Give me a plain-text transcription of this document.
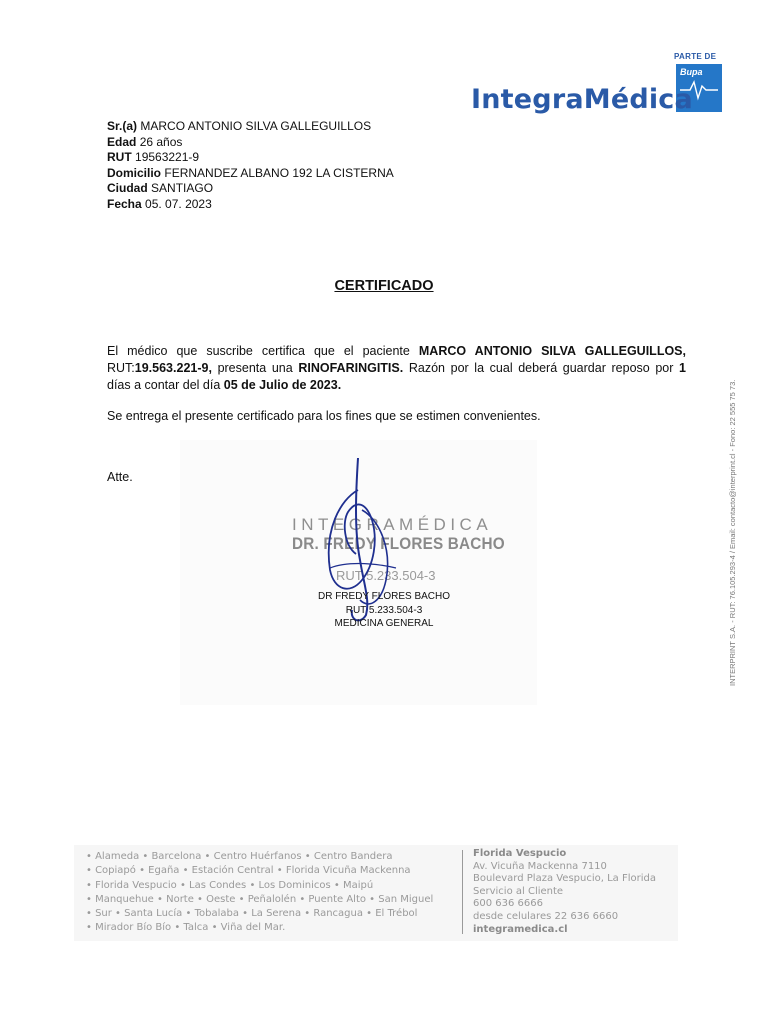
PARTE DE
Bupa
IntegraMédica
Sr.(a) MARCO ANTONIO SILVA GALLEGUILLOS
Edad 26 años
RUT 19563221-9
Domicilio FERNANDEZ ALBANO 192 LA CISTERNA
Ciudad SANTIAGO
Fecha 05. 07. 2023
CERTIFICADO
El médico que suscribe certifica que el paciente MARCO ANTONIO SILVA GALLEGUILLOS, RUT:19.563.221-9, presenta una RINOFARINGITIS. Razón por la cual deberá guardar reposo por 1 días a contar del día 05 de Julio de 2023.
Se entrega el presente certificado para los fines que se estimen convenientes.
Atte.
INTEGRAMÉDICA
DR. FREDY FLORES BACHO
RUT 5.233.504-3
DR FREDY FLORES BACHO
RUT 5.233.504-3
MEDICINA GENERAL	INTERPRINT S.A. - RUT: 76.105.293-4 / Email: contacto@interprint.cl - Fono: 22 555 75 73.
• Alameda • Barcelona • Centro Huérfanos • Centro Bandera
• Copiapó • Egaña • Estación Central • Florida Vicuña Mackenna
• Florida Vespucio • Las Condes • Los Dominicos • Maipú
• Manquehue • Norte • Oeste • Peñalolén • Puente Alto • San Miguel
• Sur • Santa Lucía • Tobalaba • La Serena • Rancagua • El Trébol
• Mirador Bío Bío • Talca • Viña del Mar.
Florida Vespucio
Av. Vicuña Mackenna 7110
Boulevard Plaza Vespucio, La Florida
Servicio al Cliente
600 636 6666
desde celulares 22 636 6660
integramedica.cl
